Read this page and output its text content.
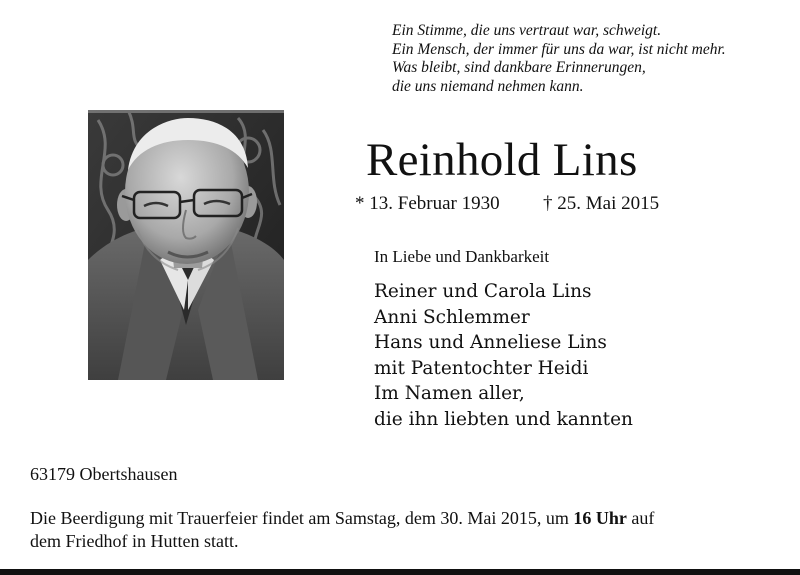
Ein Stimme, die uns vertraut war, schweigt.
Ein Mensch, der immer für uns da war, ist nicht mehr.
Was bleibt, sind dankbare Erinnerungen,
die uns niemand nehmen kann.
Reinhold Lins
* 13. Februar 1930 † 25. Mai 2015
In Liebe und Dankbarkeit
Reiner und Carola Lins
Anni Schlemmer
Hans und Anneliese Lins
mit Patentochter Heidi
Im Namen aller,
die ihn liebten und kannten
63179 Obertshausen
Die Beerdigung mit Trauerfeier findet am Samstag, dem 30. Mai 2015, um 16 Uhr auf
dem Friedhof in Hutten statt.
